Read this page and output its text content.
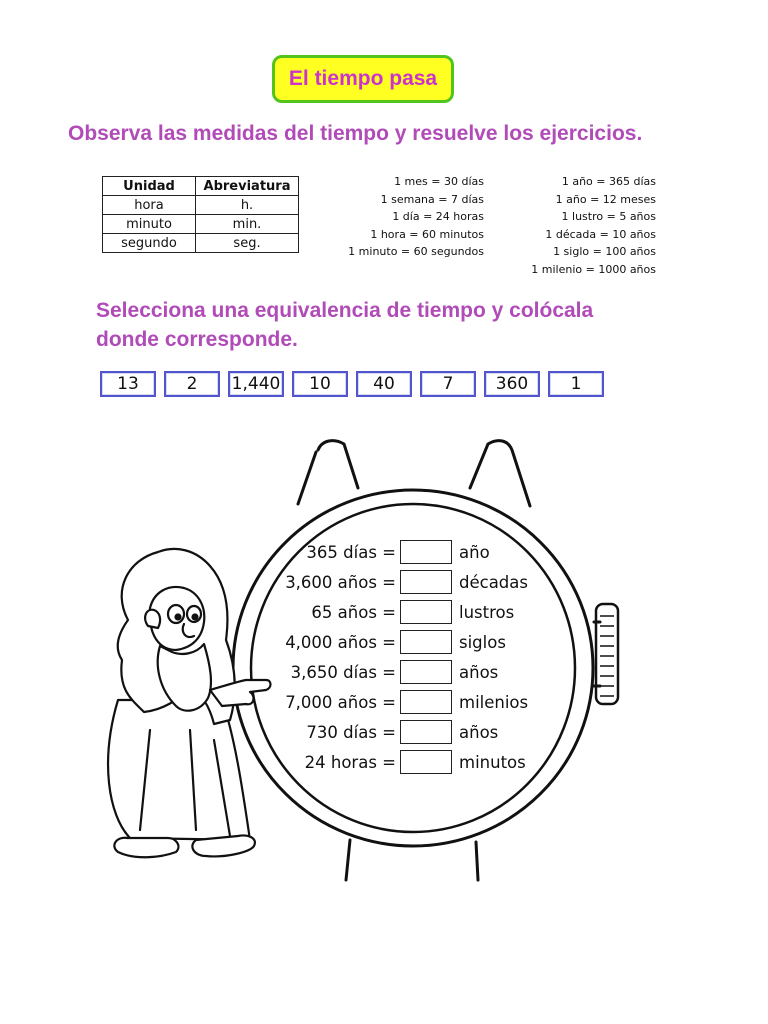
El tiempo pasa
Observa las medidas del tiempo y resuelve los ejercicios.
Unidad	Abreviatura
hora	h.
minuto	min.
segundo	seg.
1 mes = 30 días
1 semana = 7 días
1 día = 24 horas
1 hora = 60 minutos
1 minuto = 60 segundos
1 año = 365 días
1 año = 12 meses
1 lustro = 5 años
1 década = 10 años
1 siglo = 100 años
1 milenio = 1000 años
Selecciona una equivalencia de tiempo y colócala donde corresponde.
13	2	1,440	10	40	7	360	1
365 días =	año
3,600 años =	décadas
65 años =	lustros
4,000 años =	siglos
3,650 días =	años
7,000 años =	milenios
730 días =	años
24 horas =	minutos
